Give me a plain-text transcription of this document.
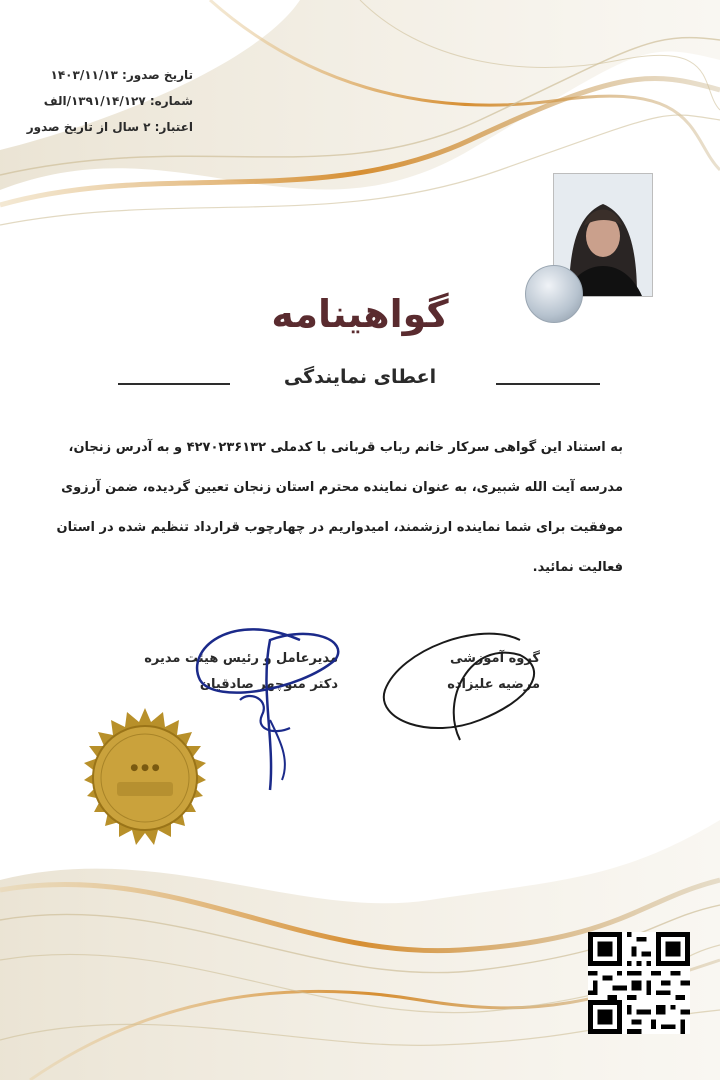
تاریخ صدور: ۱۴۰۳/۱۱/۱۳
شماره: ۱۳۹۱/۱۴/۱۲۷/الف
اعتبار: ۲ سال از تاریخ صدور
گواهینامه
اعطای نمایندگی
به استناد این گواهی سرکار خانم رباب قربانی با کدملی ۴۲۷۰۲۳۶۱۳۲ و به آدرس زنجان،
مدرسه آیت الله شبیری، به عنوان نماینده محترم استان زنجان تعیین گردیده، ضمن آرزوی
موفقیت برای شما نماینده ارزشمند، امیدواریم در چهارچوب قرارداد تنظیم شده در استان
فعالیت نمائید.
مدیرعامل و رئیس هیئت مدیره
دکتر منوچهر صادقیان
گروه آموزشی
مرضیه علیزاده
● ● ●
